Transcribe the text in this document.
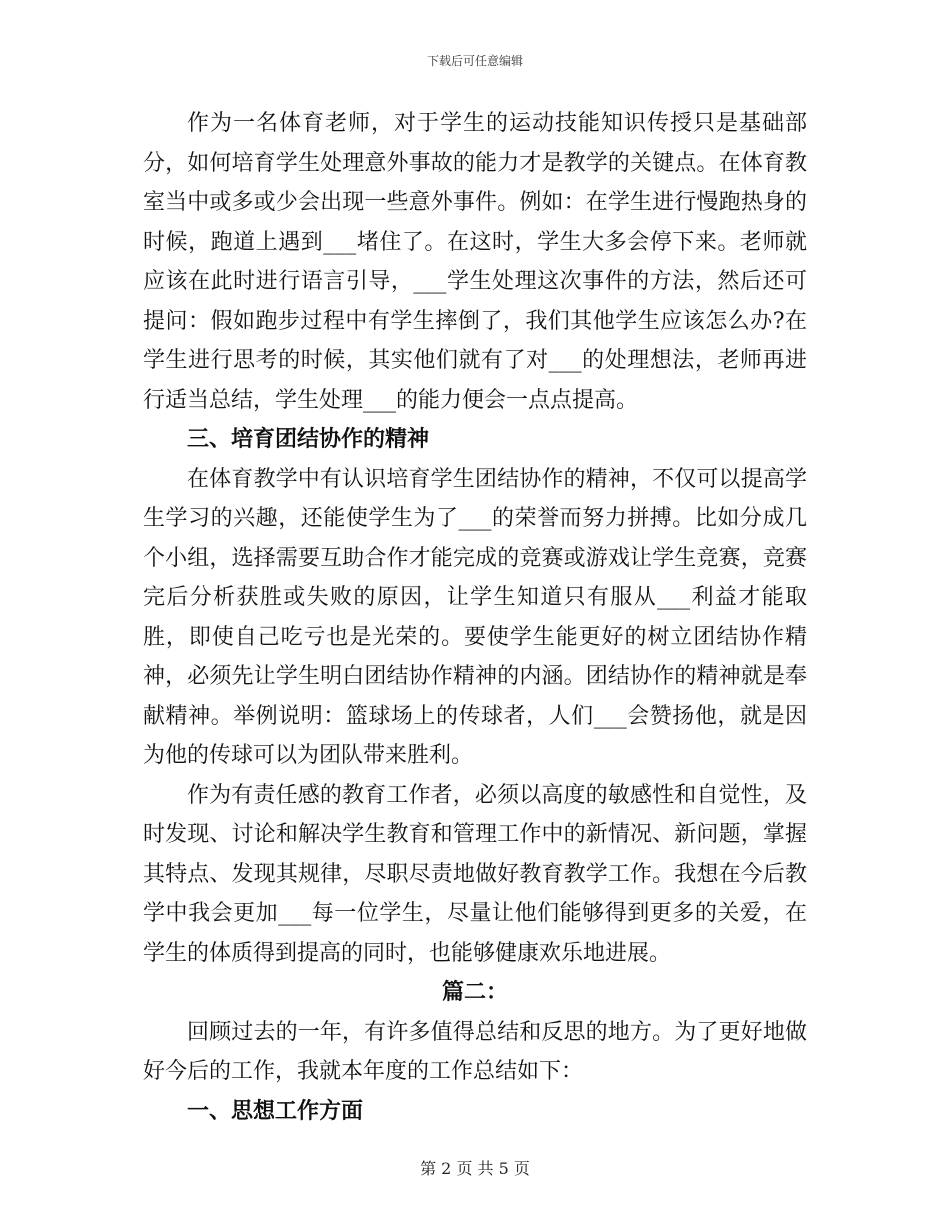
下载后可任意编辑

作为一名体育老师，对于学生的运动技能知识传授只是基础部分，如何培育学生处理意外事故的能力才是教学的关键点。在体育教室当中或多或少会出现一些意外事件。例如：在学生进行慢跑热身的时候，跑道上遇到___堵住了。在这时，学生大多会停下来。老师就应该在此时进行语言引导，___学生处理这次事件的方法，然后还可提问：假如跑步过程中有学生摔倒了，我们其他学生应该怎么办?在学生进行思考的时候，其实他们就有了对___的处理想法，老师再进行适当总结，学生处理___的能力便会一点点提高。

三、培育团结协作的精神

在体育教学中有认识培育学生团结协作的精神，不仅可以提高学生学习的兴趣，还能使学生为了___的荣誉而努力拼搏。比如分成几个小组，选择需要互助合作才能完成的竞赛或游戏让学生竞赛，竞赛完后分析获胜或失败的原因，让学生知道只有服从___利益才能取胜，即使自己吃亏也是光荣的。要使学生能更好的树立团结协作精神，必须先让学生明白团结协作精神的内涵。团结协作的精神就是奉献精神。举例说明：篮球场上的传球者，人们___会赞扬他，就是因为他的传球可以为团队带来胜利。

作为有责任感的教育工作者，必须以高度的敏感性和自觉性，及时发现、讨论和解决学生教育和管理工作中的新情况、新问题，掌握其特点、发现其规律，尽职尽责地做好教育教学工作。我想在今后教学中我会更加___每一位学生，尽量让他们能够得到更多的关爱，在学生的体质得到提高的同时，也能够健康欢乐地进展。

篇二：

回顾过去的一年，有许多值得总结和反思的地方。为了更好地做好今后的工作，我就本年度的工作总结如下：

一、思想工作方面

第 2 页 共 5 页
